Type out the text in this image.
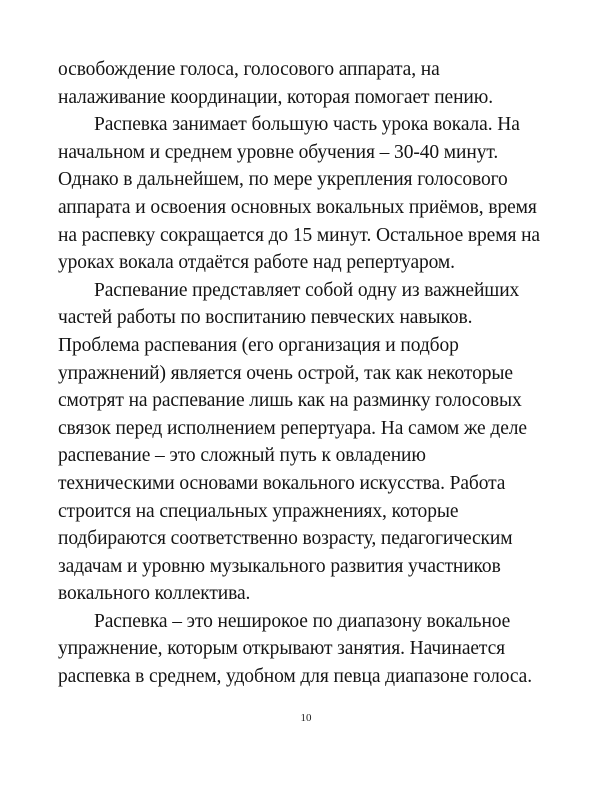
освобождение голоса, голосового аппарата, на
налаживание координации, которая помогает пению.
Распевка занимает большую часть урока вокала. На
начальном и среднем уровне обучения – 30-40 минут.
Однако в дальнейшем, по мере укрепления голосового
аппарата и освоения основных вокальных приёмов, время
на распевку сокращается до 15 минут. Остальное время на
уроках вокала отдаётся работе над репертуаром.
Распевание представляет собой одну из важнейших
частей работы по воспитанию певческих навыков.
Проблема распевания (его организация и подбор
упражнений) является очень острой, так как некоторые
смотрят на распевание лишь как на разминку голосовых
связок перед исполнением репертуара. На самом же деле
распевание – это сложный путь к овладению
техническими основами вокального искусства. Работа
строится на специальных упражнениях, которые
подбираются соответственно возрасту, педагогическим
задачам и уровню музыкального развития участников
вокального коллектива.
Распевка – это неширокое по диапазону вокальное
упражнение, которым открывают занятия. Начинается
распевка в среднем, удобном для певца диапазоне голоса.
10
